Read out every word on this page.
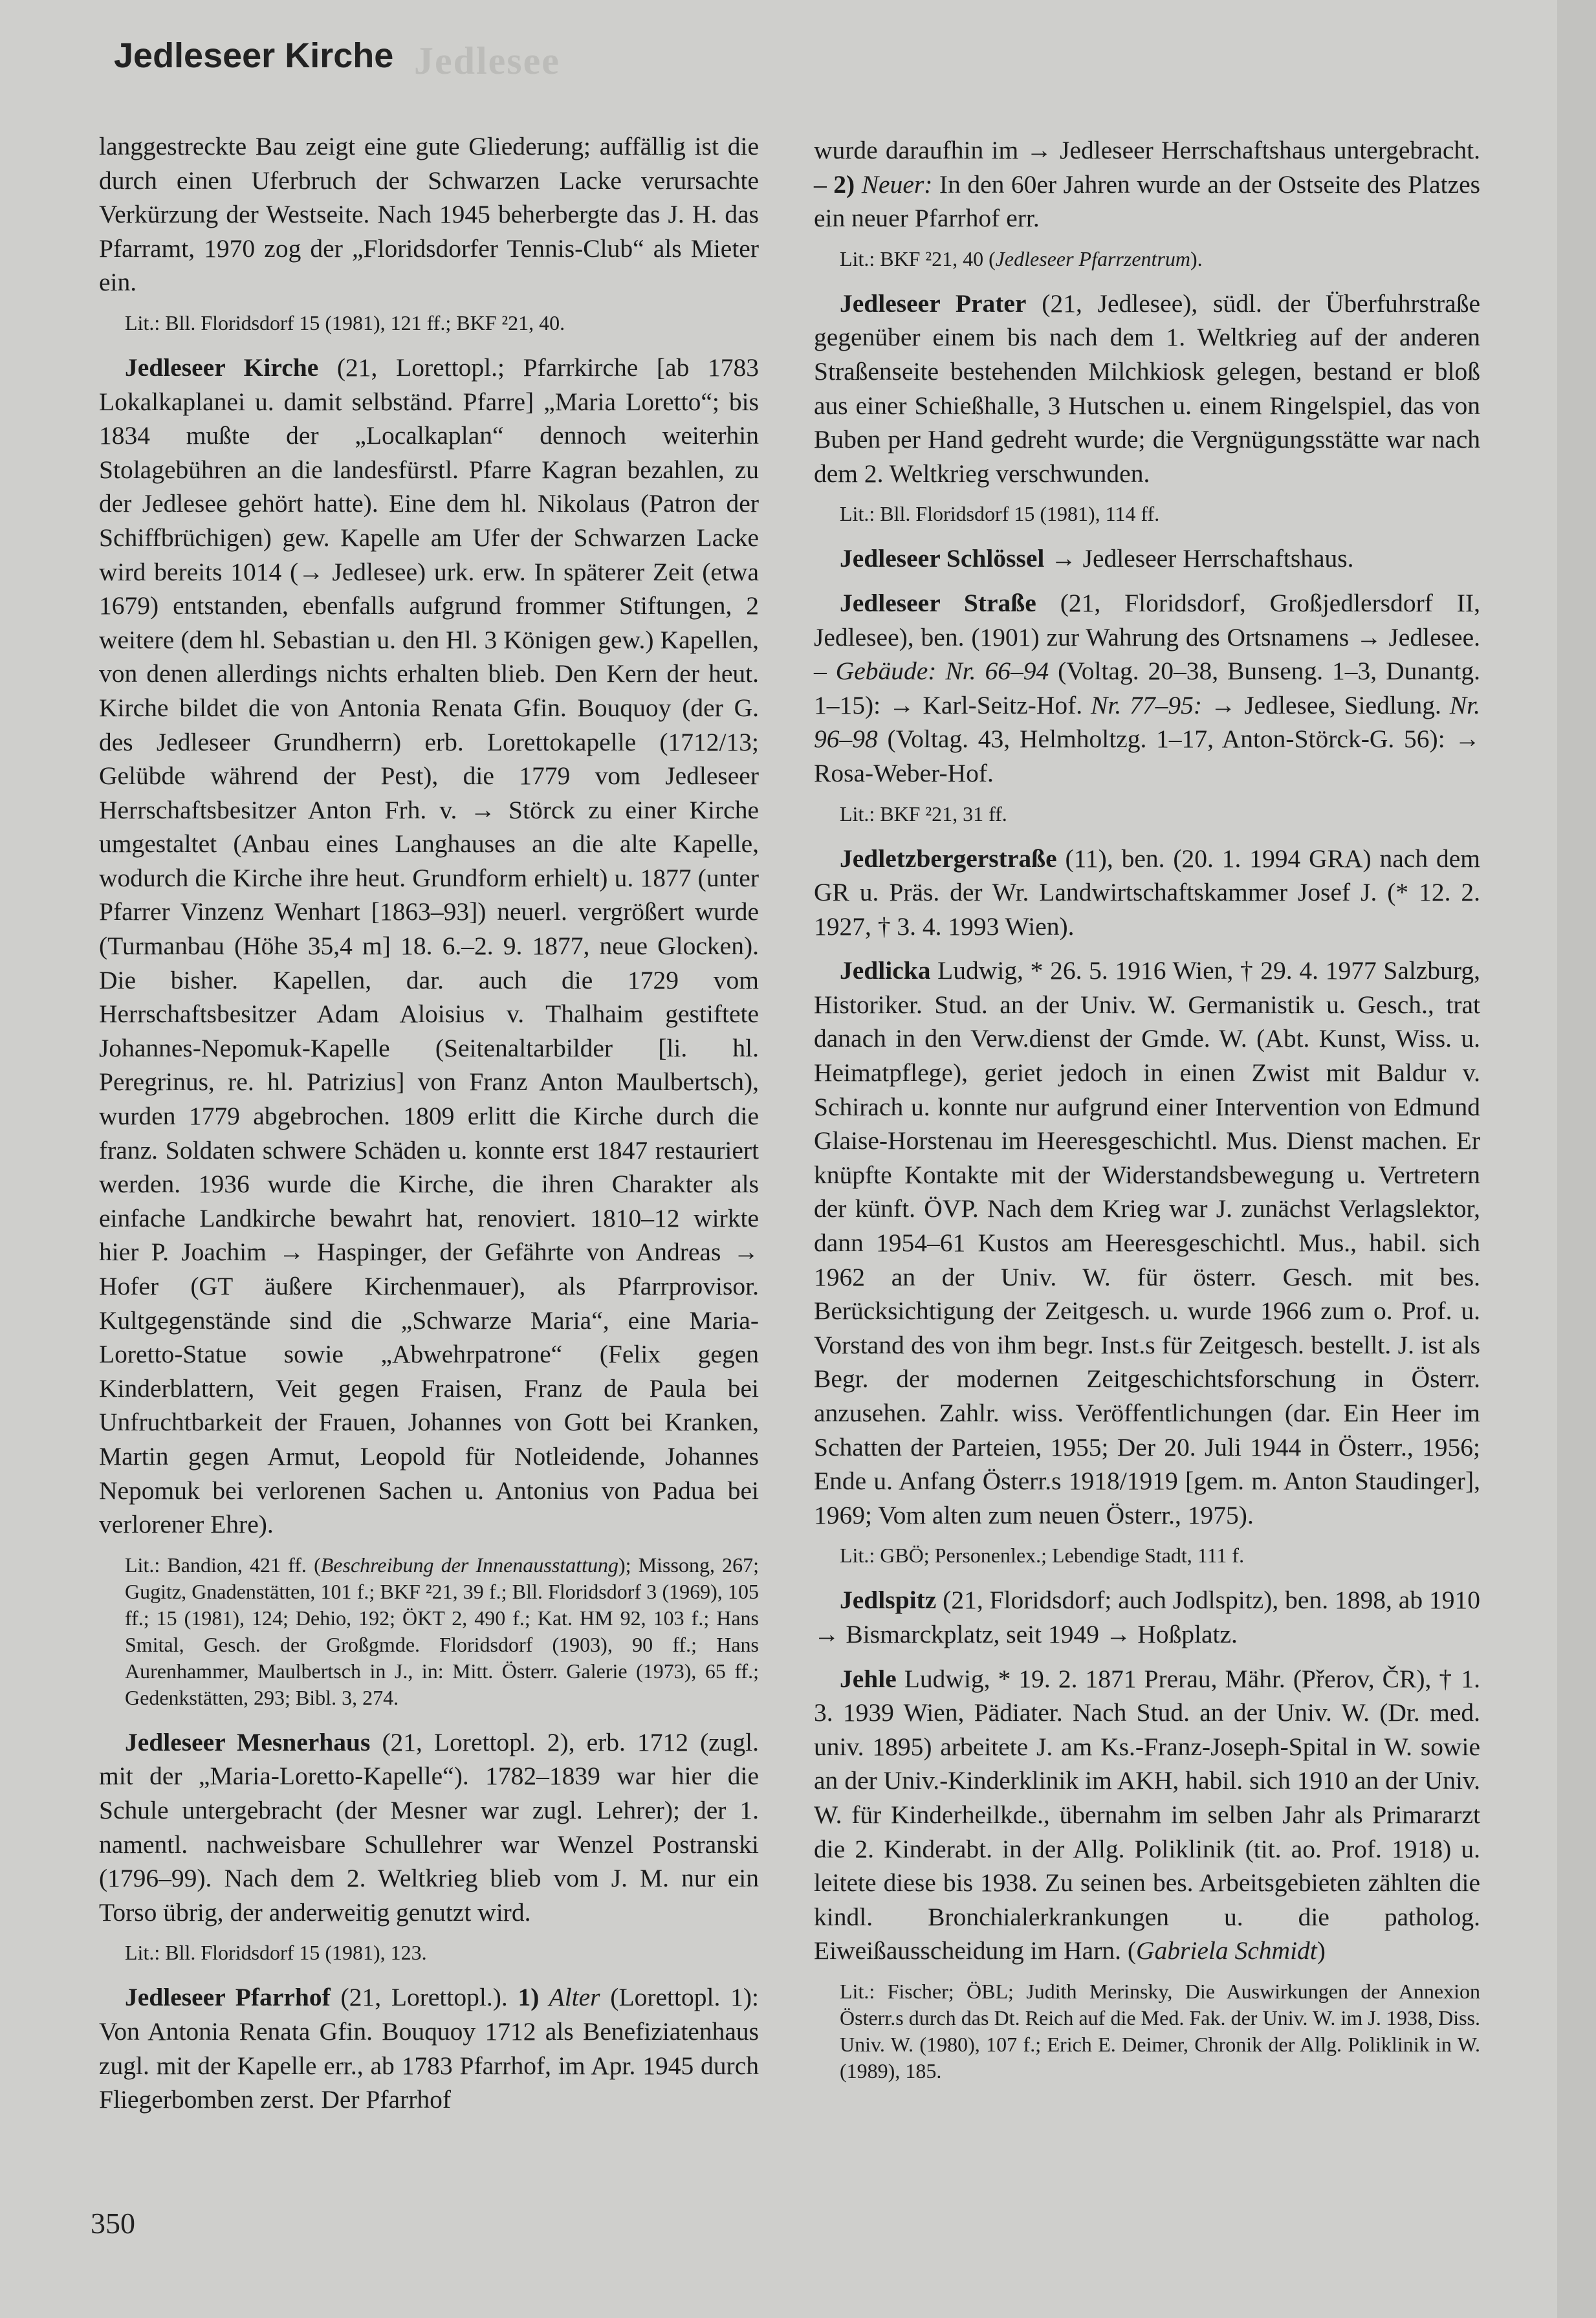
Jedlesee
Jedleseer Kirche

langgestreckte Bau zeigt eine gute Gliederung; auffällig ist die durch einen Uferbruch der Schwarzen Lacke verursachte Verkürzung der Westseite. Nach 1945 beherbergte das J. H. das Pfarramt, 1970 zog der „Floridsdorfer Tennis-Club“ als Mieter ein.

Lit.: Bll. Floridsdorf 15 (1981), 121 ff.; BKF ²21, 40.

Jedleseer Kirche (21, Lorettopl.; Pfarrkirche [ab 1783 Lokalkaplanei u. damit selbständ. Pfarre] „Maria Loretto“; bis 1834 mußte der „Localkaplan“ dennoch weiterhin Stolagebühren an die landesfürstl. Pfarre Kagran bezahlen, zu der Jedlesee gehört hatte). Eine dem hl. Nikolaus (Patron der Schiffbrüchigen) gew. Kapelle am Ufer der Schwarzen Lacke wird bereits 1014 (→ Jedlesee) urk. erw. In späterer Zeit (etwa 1679) entstanden, ebenfalls aufgrund frommer Stiftungen, 2 weitere (dem hl. Sebastian u. den Hl. 3 Königen gew.) Kapellen, von denen allerdings nichts erhalten blieb. Den Kern der heut. Kirche bildet die von Antonia Renata Gfin. Bouquoy (der G. des Jedleseer Grundherrn) erb. Lorettokapelle (1712/13; Gelübde während der Pest), die 1779 vom Jedleseer Herrschaftsbesitzer Anton Frh. v. → Störck zu einer Kirche umgestaltet (Anbau eines Langhauses an die alte Kapelle, wodurch die Kirche ihre heut. Grundform erhielt) u. 1877 (unter Pfarrer Vinzenz Wenhart [1863–93]) neuerl. vergrößert wurde (Turmanbau (Höhe 35,4 m] 18. 6.–2. 9. 1877, neue Glocken). Die bisher. Kapellen, dar. auch die 1729 vom Herrschaftsbesitzer Adam Aloisius v. Thalhaim gestiftete Johannes-Nepomuk-Kapelle (Seitenaltarbilder [li. hl. Peregrinus, re. hl. Patrizius] von Franz Anton Maulbertsch), wurden 1779 abgebrochen. 1809 erlitt die Kirche durch die franz. Soldaten schwere Schäden u. konnte erst 1847 restauriert werden. 1936 wurde die Kirche, die ihren Charakter als einfache Landkirche bewahrt hat, renoviert. 1810–12 wirkte hier P. Joachim → Haspinger, der Gefährte von Andreas → Hofer (GT äußere Kirchenmauer), als Pfarrprovisor. Kultgegenstände sind die „Schwarze Maria“, eine Maria-Loretto-Statue sowie „Abwehrpatrone“ (Felix gegen Kinderblattern, Veit gegen Fraisen, Franz de Paula bei Unfruchtbarkeit der Frauen, Johannes von Gott bei Kranken, Martin gegen Armut, Leopold für Notleidende, Johannes Nepomuk bei verlorenen Sachen u. Antonius von Padua bei verlorener Ehre).

Lit.: Bandion, 421 ff. (Beschreibung der Innenausstattung); Missong, 267; Gugitz, Gnadenstätten, 101 f.; BKF ²21, 39 f.; Bll. Floridsdorf 3 (1969), 105 ff.; 15 (1981), 124; Dehio, 192; ÖKT 2, 490 f.; Kat. HM 92, 103 f.; Hans Smital, Gesch. der Großgmde. Floridsdorf (1903), 90 ff.; Hans Aurenhammer, Maulbertsch in J., in: Mitt. Österr. Galerie (1973), 65 ff.; Gedenkstätten, 293; Bibl. 3, 274.

Jedleseer Mesnerhaus (21, Lorettopl. 2), erb. 1712 (zugl. mit der „Maria-Loretto-Kapelle“). 1782–1839 war hier die Schule untergebracht (der Mesner war zugl. Lehrer); der 1. namentl. nachweisbare Schullehrer war Wenzel Postranski (1796–99). Nach dem 2. Weltkrieg blieb vom J. M. nur ein Torso übrig, der anderweitig genutzt wird.

Lit.: Bll. Floridsdorf 15 (1981), 123.

Jedleseer Pfarrhof (21, Lorettopl.). 1) Alter (Lorettopl. 1): Von Antonia Renata Gfin. Bouquoy 1712 als Benefiziatenhaus zugl. mit der Kapelle err., ab 1783 Pfarrhof, im Apr. 1945 durch Fliegerbomben zerst. Der Pfarrhof

wurde daraufhin im → Jedleseer Herrschaftshaus untergebracht. – 2) Neuer: In den 60er Jahren wurde an der Ostseite des Platzes ein neuer Pfarrhof err.

Lit.: BKF ²21, 40 (Jedleseer Pfarrzentrum).

Jedleseer Prater (21, Jedlesee), südl. der Überfuhrstraße gegenüber einem bis nach dem 1. Weltkrieg auf der anderen Straßenseite bestehenden Milchkiosk gelegen, bestand er bloß aus einer Schießhalle, 3 Hutschen u. einem Ringelspiel, das von Buben per Hand gedreht wurde; die Vergnügungsstätte war nach dem 2. Weltkrieg verschwunden.

Lit.: Bll. Floridsdorf 15 (1981), 114 ff.

Jedleseer Schlössel → Jedleseer Herrschaftshaus.

Jedleseer Straße (21, Floridsdorf, Großjedlersdorf II, Jedlesee), ben. (1901) zur Wahrung des Ortsnamens → Jedlesee. – Gebäude: Nr. 66–94 (Voltag. 20–38, Bunseng. 1–3, Dunantg. 1–15): → Karl-Seitz-Hof. Nr. 77–95: → Jedlesee, Siedlung. Nr. 96–98 (Voltag. 43, Helmholtzg. 1–17, Anton-Störck-G. 56): → Rosa-Weber-Hof.

Lit.: BKF ²21, 31 ff.

Jedletzbergerstraße (11), ben. (20. 1. 1994 GRA) nach dem GR u. Präs. der Wr. Landwirtschaftskammer Josef J. (* 12. 2. 1927, † 3. 4. 1993 Wien).

Jedlicka Ludwig, * 26. 5. 1916 Wien, † 29. 4. 1977 Salzburg, Historiker. Stud. an der Univ. W. Germanistik u. Gesch., trat danach in den Verw.dienst der Gmde. W. (Abt. Kunst, Wiss. u. Heimatpflege), geriet jedoch in einen Zwist mit Baldur v. Schirach u. konnte nur aufgrund einer Intervention von Edmund Glaise-Horstenau im Heeresgeschichtl. Mus. Dienst machen. Er knüpfte Kontakte mit der Widerstandsbewegung u. Vertretern der künft. ÖVP. Nach dem Krieg war J. zunächst Verlagslektor, dann 1954–61 Kustos am Heeresgeschichtl. Mus., habil. sich 1962 an der Univ. W. für österr. Gesch. mit bes. Berücksichtigung der Zeitgesch. u. wurde 1966 zum o. Prof. u. Vorstand des von ihm begr. Inst.s für Zeitgesch. bestellt. J. ist als Begr. der modernen Zeitgeschichtsforschung in Österr. anzusehen. Zahlr. wiss. Veröffentlichungen (dar. Ein Heer im Schatten der Parteien, 1955; Der 20. Juli 1944 in Österr., 1956; Ende u. Anfang Österr.s 1918/1919 [gem. m. Anton Staudinger], 1969; Vom alten zum neuen Österr., 1975).

Lit.: GBÖ; Personenlex.; Lebendige Stadt, 111 f.

Jedlspitz (21, Floridsdorf; auch Jodlspitz), ben. 1898, ab 1910 → Bismarckplatz, seit 1949 → Hoßplatz.

Jehle Ludwig, * 19. 2. 1871 Prerau, Mähr. (Přerov, ČR), † 1. 3. 1939 Wien, Pädiater. Nach Stud. an der Univ. W. (Dr. med. univ. 1895) arbeitete J. am Ks.-Franz-Joseph-Spital in W. sowie an der Univ.-Kinderklinik im AKH, habil. sich 1910 an der Univ. W. für Kinderheilkde., übernahm im selben Jahr als Primararzt die 2. Kinderabt. in der Allg. Poliklinik (tit. ao. Prof. 1918) u. leitete diese bis 1938. Zu seinen bes. Arbeitsgebieten zählten die kindl. Bronchialerkrankungen u. die patholog. Eiweißausscheidung im Harn. (Gabriela Schmidt)

Lit.: Fischer; ÖBL; Judith Merinsky, Die Auswirkungen der Annexion Österr.s durch das Dt. Reich auf die Med. Fak. der Univ. W. im J. 1938, Diss. Univ. W. (1980), 107 f.; Erich E. Deimer, Chronik der Allg. Poliklinik in W. (1989), 185.

350
